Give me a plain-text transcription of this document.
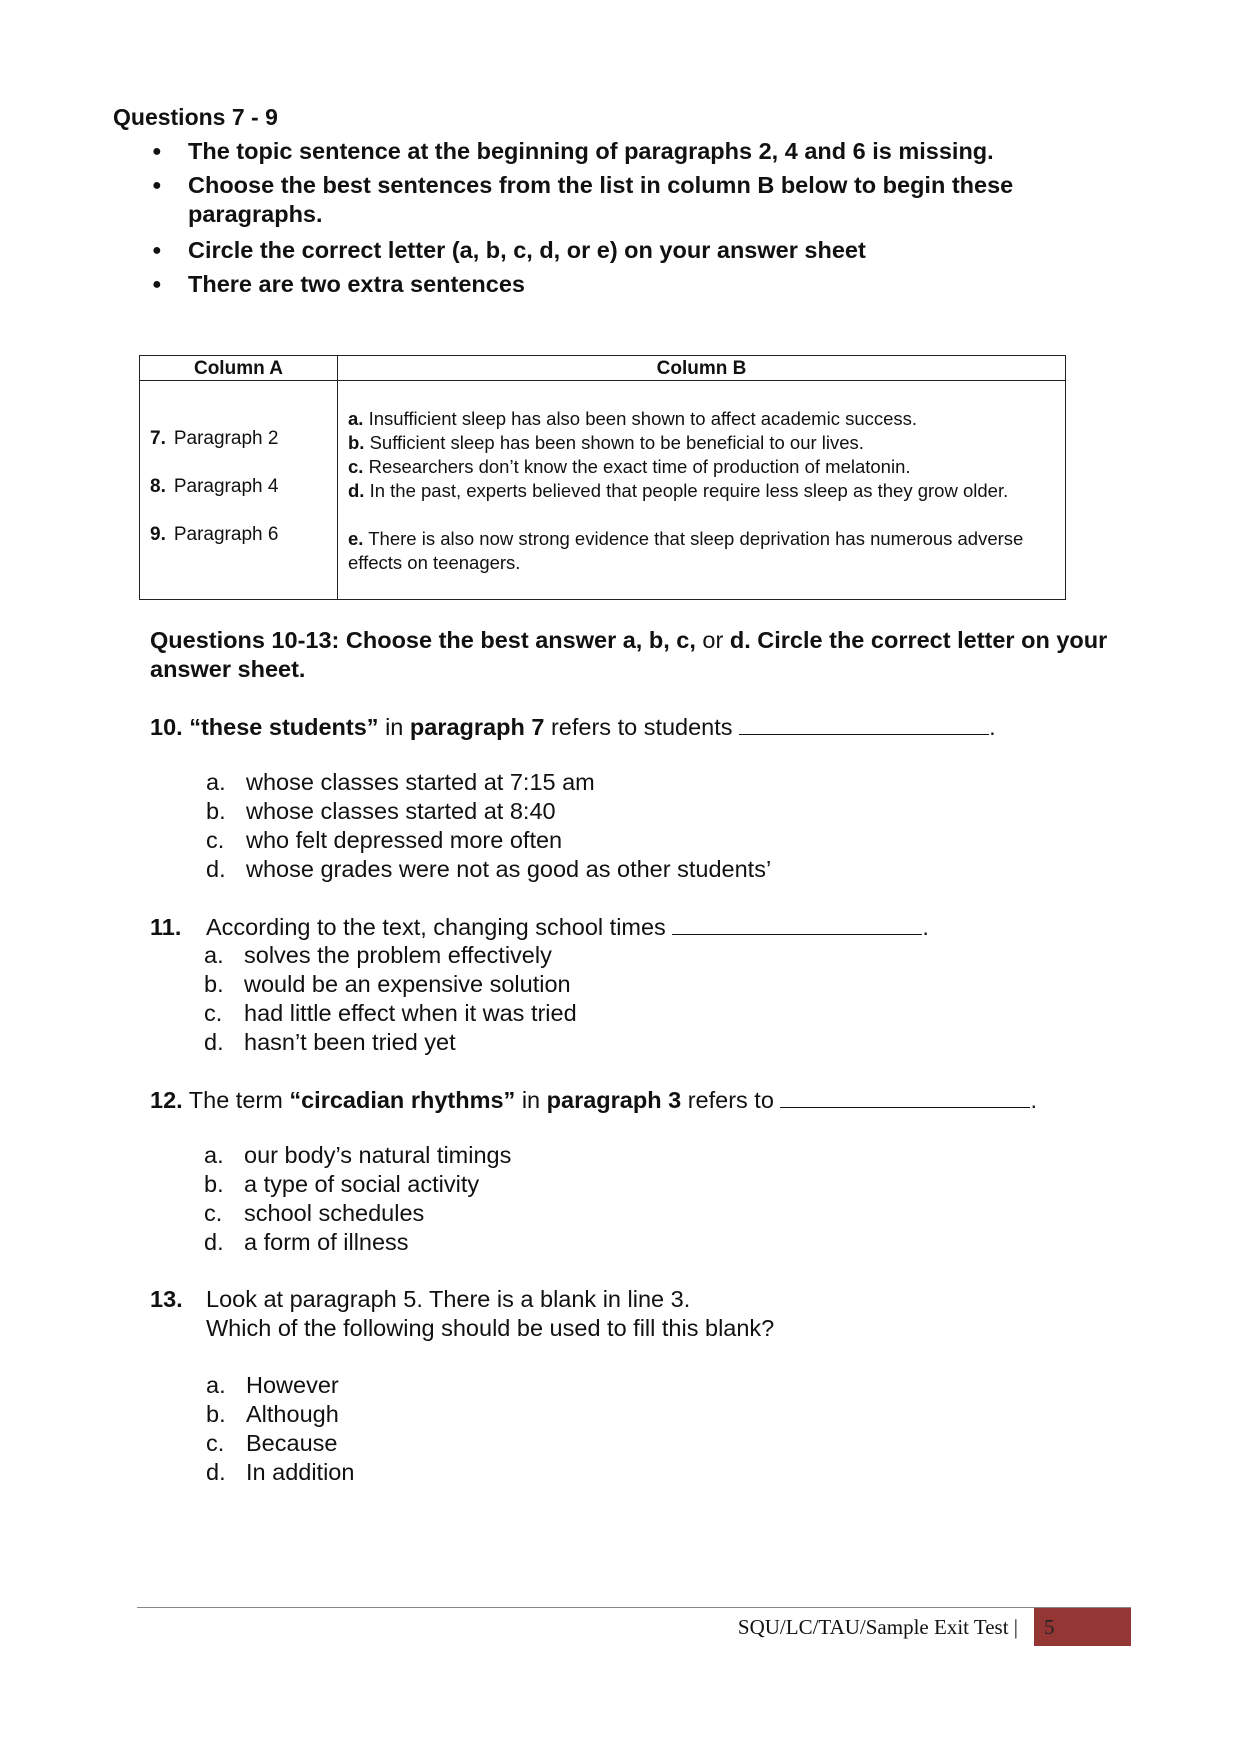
Questions 7 - 9
● The topic sentence at the beginning of paragraphs 2, 4 and 6 is missing.
● Choose the best sentences from the list in column B below to begin these paragraphs.
● Circle the correct letter (a, b, c, d, or e) on your answer sheet
● There are two extra sentences
Column A	Column B
7. Paragraph 2
8. Paragraph 4
9. Paragraph 6
a. Insufficient sleep has also been shown to affect academic success.
b. Sufficient sleep has been shown to be beneficial to our lives.
c. Researchers don’t know the exact time of production of melatonin.
d. In the past, experts believed that people require less sleep as they grow older.
e. There is also now strong evidence that sleep deprivation has numerous adverse effects on teenagers.
Questions 10-13: Choose the best answer a, b, c, or d. Circle the correct letter on your answer sheet.
10. “these students” in paragraph 7 refers to students	.
a. whose classes started at 7:15 am
b. whose classes started at 8:40
c. who felt depressed more often
d. whose grades were not as good as other students’
11. According to the text, changing school times	.
a. solves the problem effectively
b. would be an expensive solution
c. had little effect when it was tried
d. hasn’t been tried yet
12. The term “circadian rhythms” in paragraph 3 refers to	.
a. our body’s natural timings
b. a type of social activity
c. school schedules
d. a form of illness
13. Look at paragraph 5. There is a blank in line 3.
Which of the following should be used to fill this blank?
a. However
b. Although
c. Because
d. In addition
SQU/LC/TAU/Sample Exit Test | 5
